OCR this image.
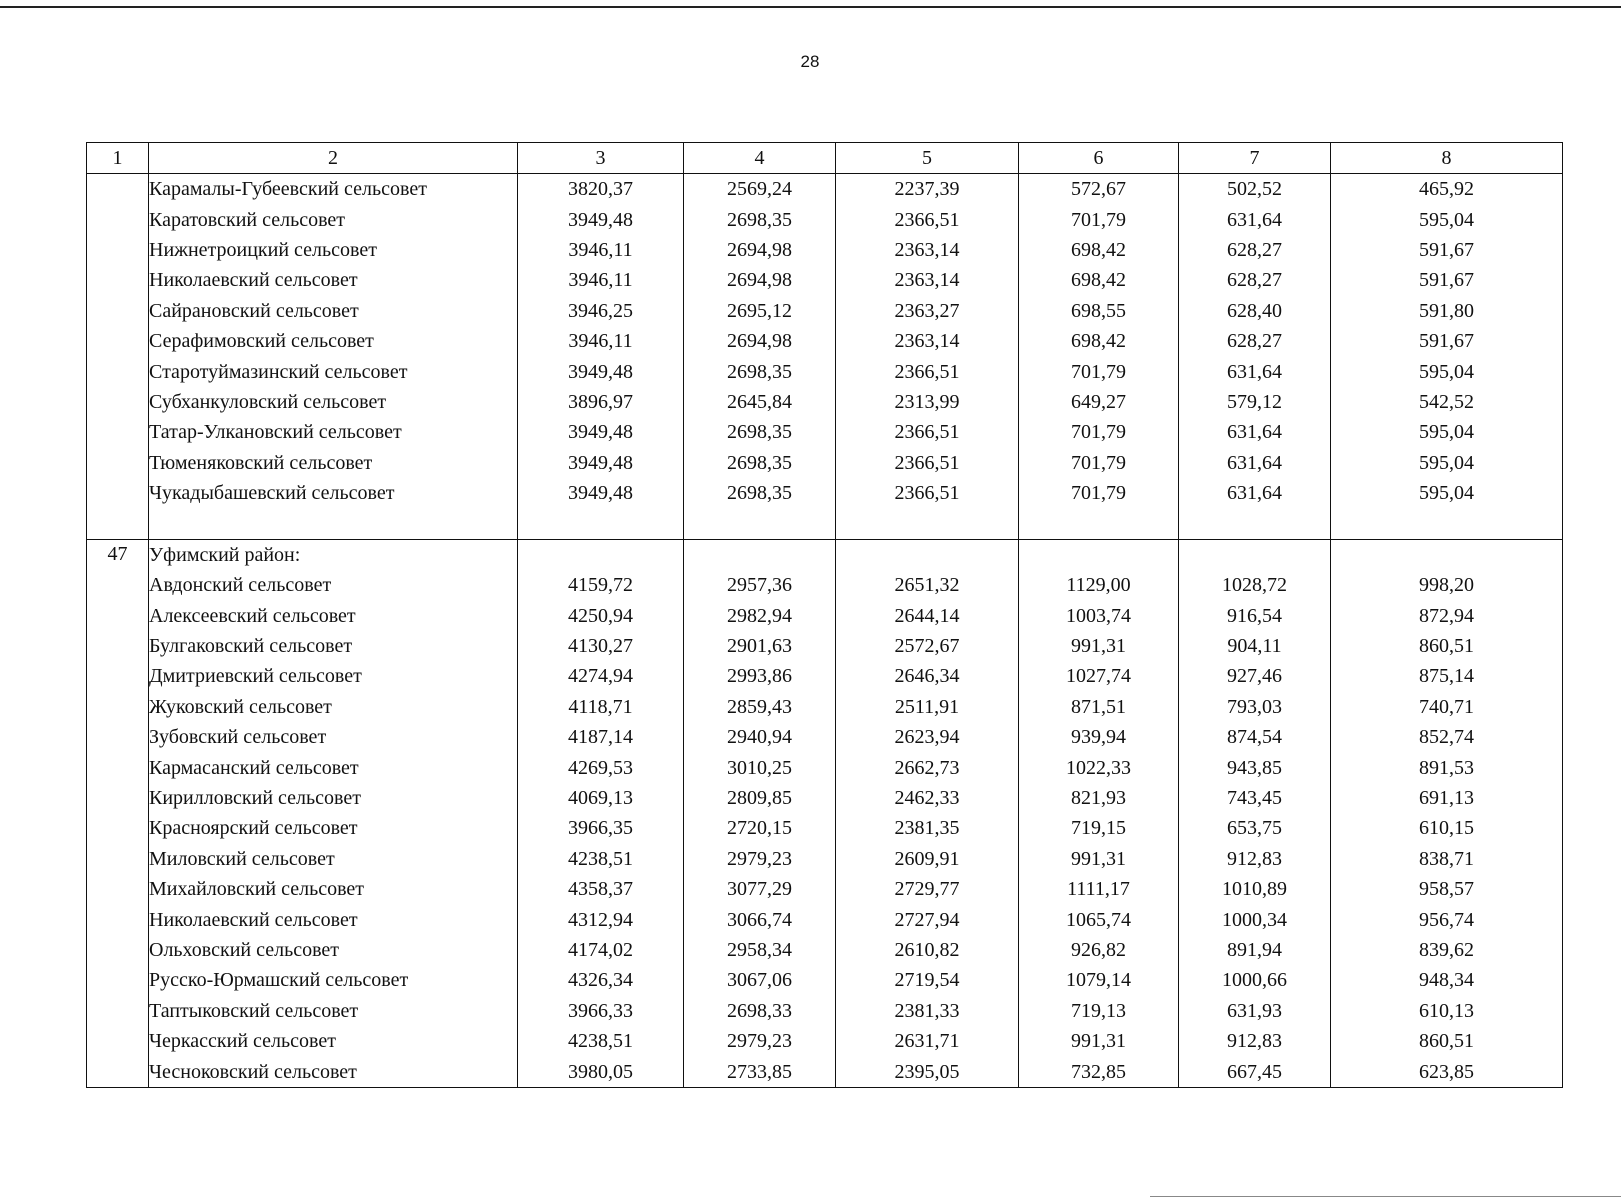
28
1	2	3	4	5	6	7	8
	Карамалы-Губеевский сельсовет	3820,37	2569,24	2237,39	572,67	502,52	465,92
	Каратовский сельсовет	3949,48	2698,35	2366,51	701,79	631,64	595,04
	Нижнетроицкий сельсовет	3946,11	2694,98	2363,14	698,42	628,27	591,67
	Николаевский сельсовет	3946,11	2694,98	2363,14	698,42	628,27	591,67
	Сайрановский сельсовет	3946,25	2695,12	2363,27	698,55	628,40	591,80
	Серафимовский сельсовет	3946,11	2694,98	2363,14	698,42	628,27	591,67
	Старотуймазинский сельсовет	3949,48	2698,35	2366,51	701,79	631,64	595,04
	Субханкуловский сельсовет	3896,97	2645,84	2313,99	649,27	579,12	542,52
	Татар-Улкановский сельсовет	3949,48	2698,35	2366,51	701,79	631,64	595,04
	Тюменяковский сельсовет	3949,48	2698,35	2366,51	701,79	631,64	595,04
	Чукадыбашевский сельсовет	3949,48	2698,35	2366,51	701,79	631,64	595,04

47	Уфимский район:						
	Авдонский сельсовет	4159,72	2957,36	2651,32	1129,00	1028,72	998,20
	Алексеевский сельсовет	4250,94	2982,94	2644,14	1003,74	916,54	872,94
	Булгаковский сельсовет	4130,27	2901,63	2572,67	991,31	904,11	860,51
	Дмитриевский сельсовет	4274,94	2993,86	2646,34	1027,74	927,46	875,14
	Жуковский сельсовет	4118,71	2859,43	2511,91	871,51	793,03	740,71
	Зубовский сельсовет	4187,14	2940,94	2623,94	939,94	874,54	852,74
	Кармасанский сельсовет	4269,53	3010,25	2662,73	1022,33	943,85	891,53
	Кирилловский сельсовет	4069,13	2809,85	2462,33	821,93	743,45	691,13
	Красноярский сельсовет	3966,35	2720,15	2381,35	719,15	653,75	610,15
	Миловский сельсовет	4238,51	2979,23	2609,91	991,31	912,83	838,71
	Михайловский сельсовет	4358,37	3077,29	2729,77	1111,17	1010,89	958,57
	Николаевский сельсовет	4312,94	3066,74	2727,94	1065,74	1000,34	956,74
	Ольховский сельсовет	4174,02	2958,34	2610,82	926,82	891,94	839,62
	Русско-Юрмашский сельсовет	4326,34	3067,06	2719,54	1079,14	1000,66	948,34
	Таптыковский сельсовет	3966,33	2698,33	2381,33	719,13	631,93	610,13
	Черкасский сельсовет	4238,51	2979,23	2631,71	991,31	912,83	860,51
	Чесноковский сельсовет	3980,05	2733,85	2395,05	732,85	667,45	623,85
